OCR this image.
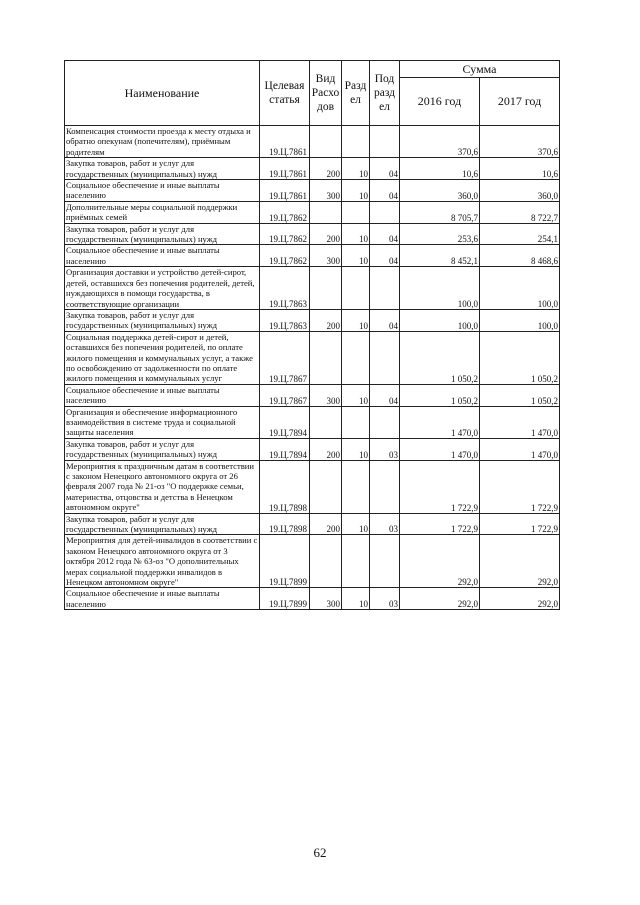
Наименование	Целевая статья	Вид Расхо дов	Разд ел	Под разд ел	Сумма	
					2016 год	2017 год
Компенсация стоимости проезда к месту отдыха и обратно опекунам (попечителям), приёмным родителям	19.Ц.7861				370,6	370,6
Закупка товаров, работ и услуг для государственных (муниципальных) нужд	19.Ц.7861	200	10	04	10,6	10,6
Социальное обеспечение и иные выплаты населению	19.Ц.7861	300	10	04	360,0	360,0
Дополнительные меры социальной поддержки приёмных семей	19.Ц.7862				8 705,7	8 722,7
Закупка товаров, работ и услуг для государственных (муниципальных) нужд	19.Ц.7862	200	10	04	253,6	254,1
Социальное обеспечение и иные выплаты населению	19.Ц.7862	300	10	04	8 452,1	8 468,6
Организация доставки и устройство детей-сирот, детей, оставшихся без попечения родителей, детей, нуждающихся в помощи государства, в соответствующие организации	19.Ц.7863				100,0	100,0
Закупка товаров, работ и услуг для государственных (муниципальных) нужд	19.Ц.7863	200	10	04	100,0	100,0
Социальная поддержка детей-сирот и детей, оставшихся без попечения родителей, по оплате жилого помещения и коммунальных услуг, а также по освобождению от задолженности по оплате жилого помещения и коммунальных услуг	19.Ц.7867				1 050,2	1 050,2
Социальное обеспечение и иные выплаты населению	19.Ц.7867	300	10	04	1 050,2	1 050,2
Организация и обеспечение информационного взаимодействия в системе труда и социальной защиты населения	19.Ц.7894				1 470,0	1 470,0
Закупка товаров, работ и услуг для государственных (муниципальных) нужд	19.Ц.7894	200	10	03	1 470,0	1 470,0
Мероприятия к праздничным датам в соответствии с законом Ненецкого автономного округа от 26 февраля 2007 года № 21-оз "О поддержке семьи, материнства, отцовства и детства в Ненецком автономном округе"	19.Ц.7898				1 722,9	1 722,9
Закупка товаров, работ и услуг для государственных (муниципальных) нужд	19.Ц.7898	200	10	03	1 722,9	1 722,9
Мероприятия для детей-инвалидов в соответствии с законом Ненецкого автономного округа от 3 октября 2012 года № 63-оз "О дополнительных мерах социальной поддержки инвалидов в Ненецком автономном округе"	19.Ц.7899				292,0	292,0
Социальное обеспечение и иные выплаты населению	19.Ц.7899	300	10	03	292,0	292,0
62
